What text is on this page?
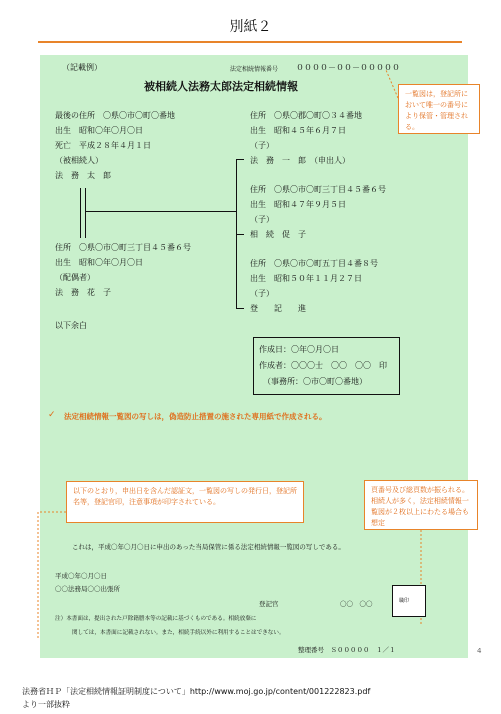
別紙２
（記載例）	法定相続情報番号 ００００－００－０００００
被相続人法務太郎法定相続情報
最後の住所　〇県〇市〇町〇番地
出生　昭和〇年〇月〇日
死亡　平成２８年４月１日
（被相続人）
法　務　太　郎
住所　〇県〇市〇町三丁目４５番６号
出生　昭和〇年〇月〇日
（配偶者）
法　務　花　子
住所　〇県〇郡〇町〇３４番地
出生　昭和４５年６月７日
（子）
法　務　一　郎　（申出人）
住所　〇県〇市〇町三丁目４５番６号
出生　昭和４７年９月５日
（子）
相　続　促　子
住所　〇県〇市〇町五丁目４番８号
出生　昭和５０年１１月２７日
（子）
登　　記　　進
以下余白
作成日：〇年〇月〇日
作成者：〇〇〇士　〇〇　〇〇　印
（事務所：〇市〇町〇番地）
✓ 法定相続情報一覧図の写しは，偽造防止措置の施された専用紙で作成される。
一覧図は，登記所において唯一の番号により保管・管理される。
以下のとおり，申出日を含んだ認証文，一覧図の写しの発行日，登記所名等，登記官印，注意事項が印字されている。
頁番号及び総頁数が振られる。相続人が多く，法定相続情報一覧図が２枚以上にわたる場合も想定
これは，平成〇年〇月〇日に申出のあった当局保管に係る法定相続情報一覧図の写しである。
平成〇年〇月〇日
〇〇法務局〇〇出張所
登記官	〇〇　〇〇	職印
注）本書面は，提出された戸除籍謄本等の記載に基づくものである。相続放棄に
関しては，本書面に記載されない。また，相続手続以外に利用することはできない。
整理番号　Ｓ０００００　１／１	4
法務省ＨＰ「法定相続情報証明制度について」http://www.moj.go.jp/content/001222823.pdf
より一部抜粋
